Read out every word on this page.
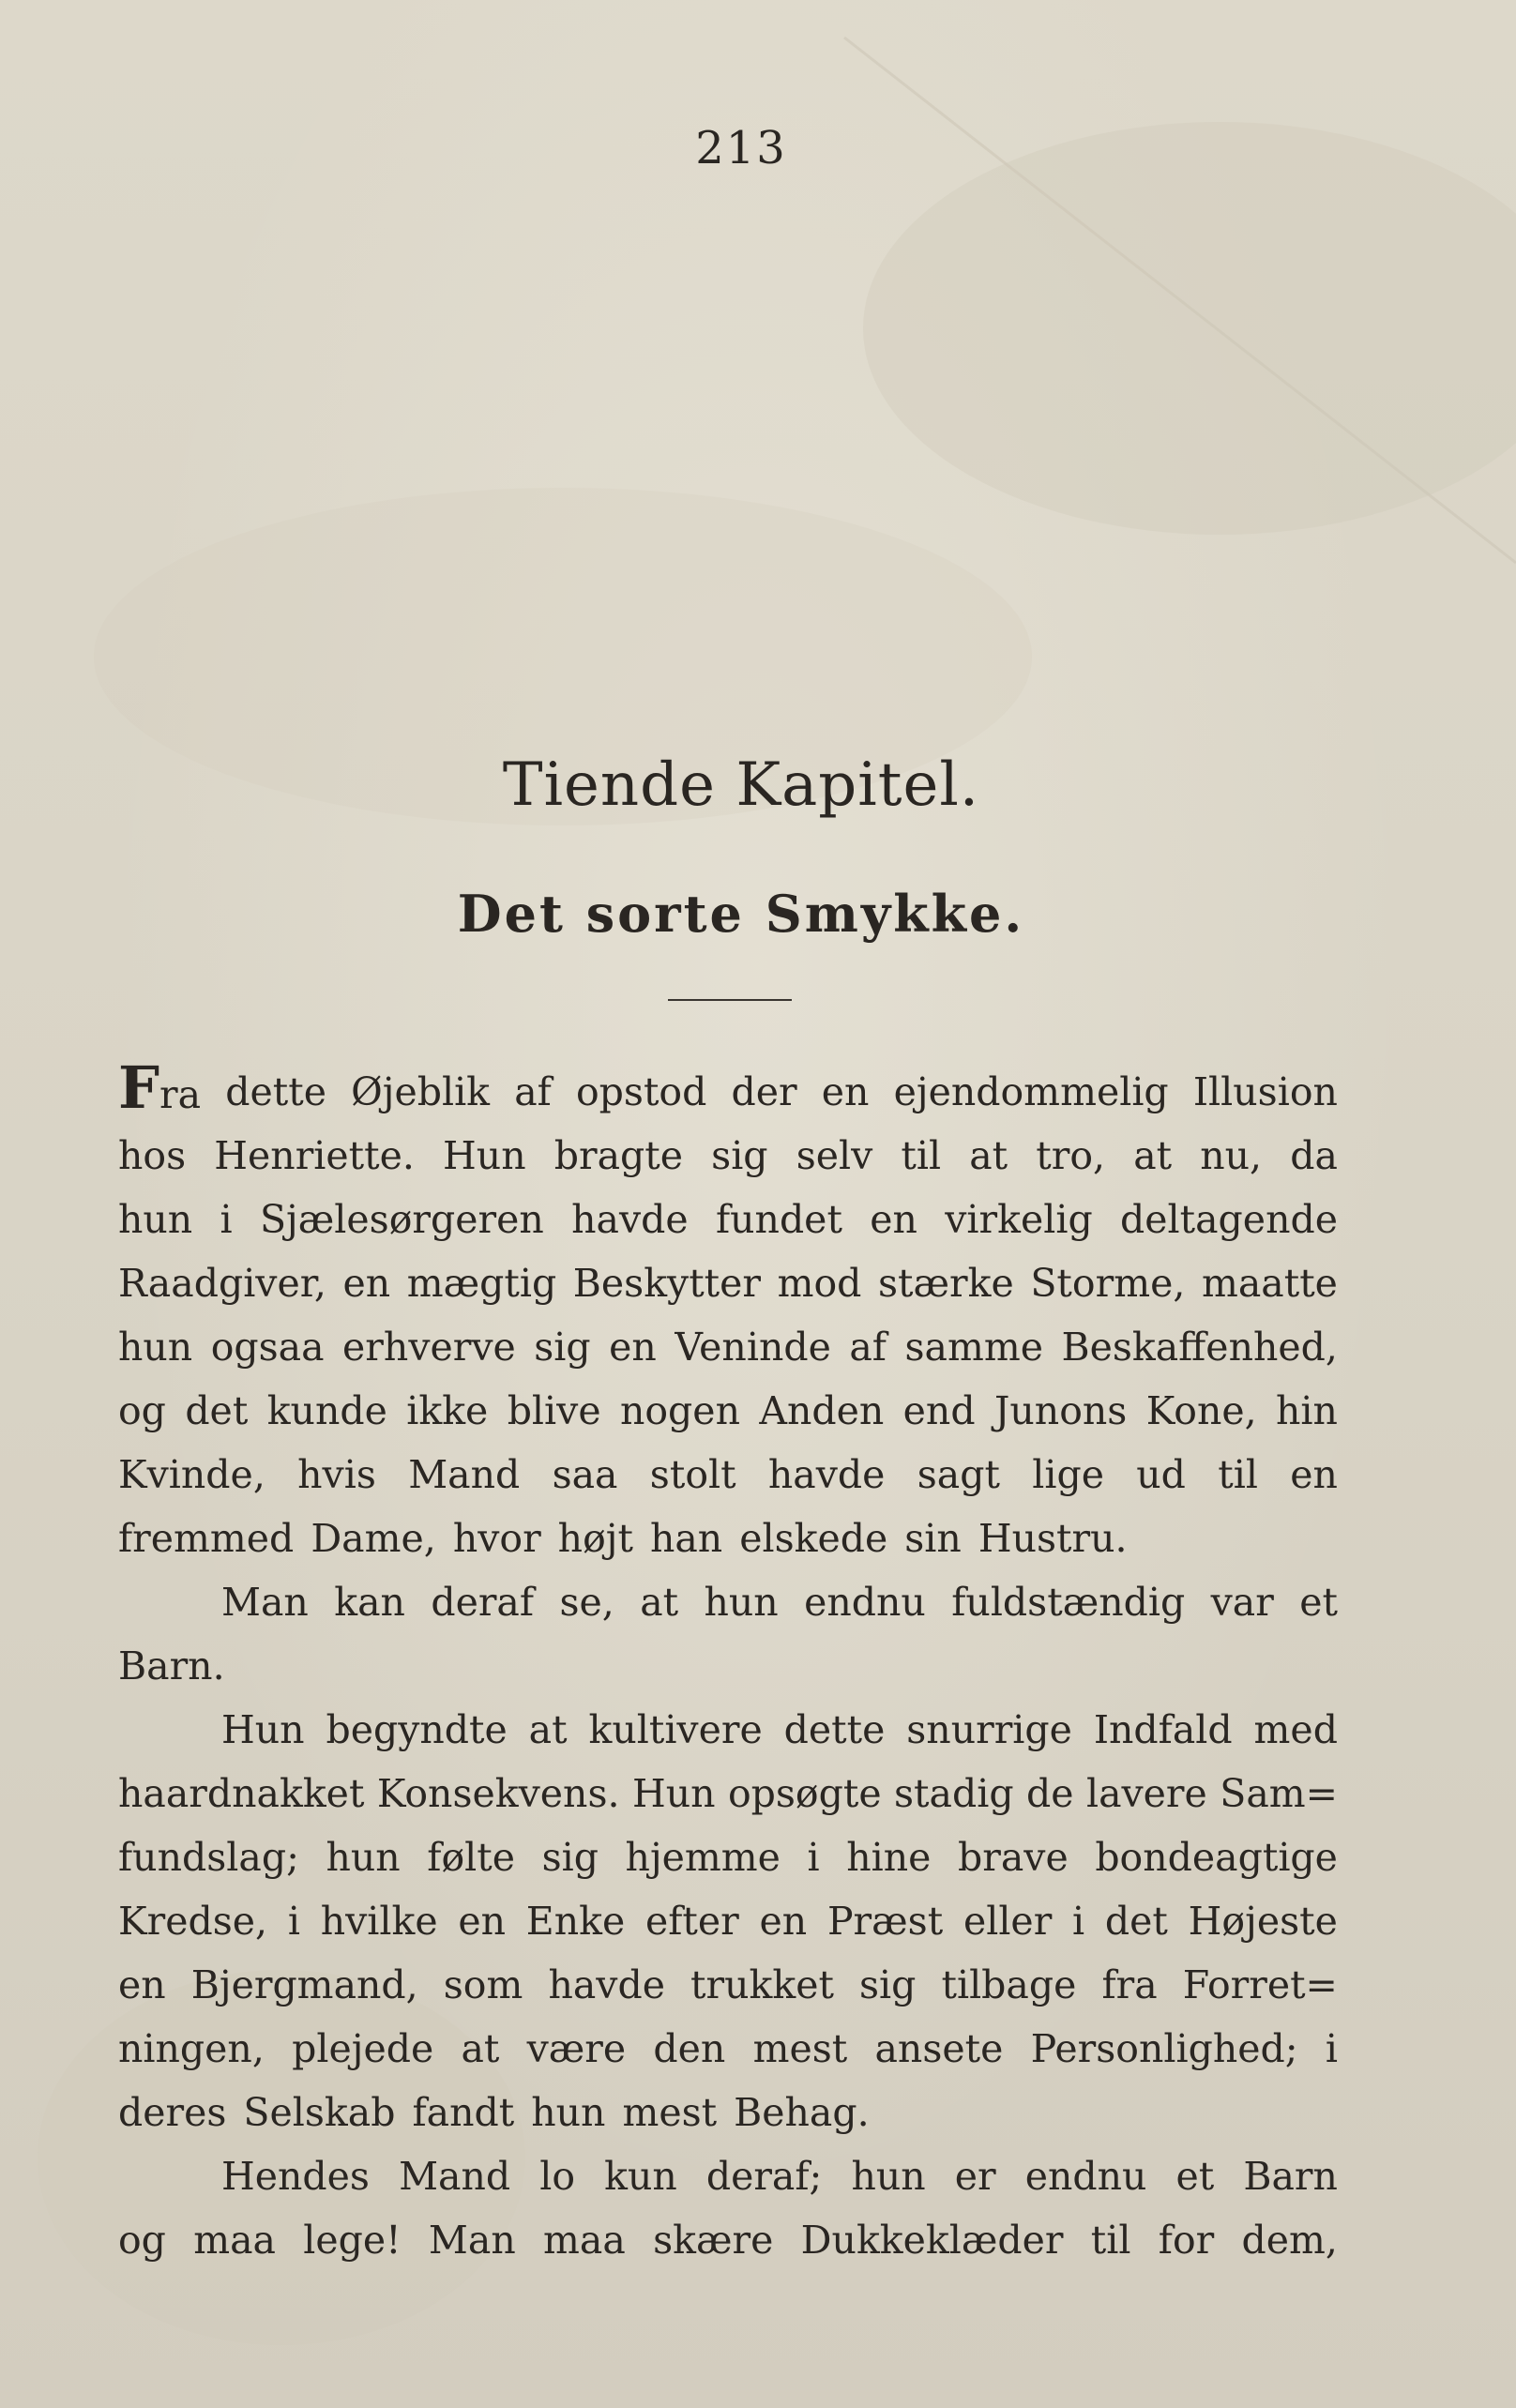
213
Tiende Kapitel.
Det sorte Smykke.
Fra dette Øjeblik af opstod der en ejendommelig Illusion
hos Henriette. Hun bragte sig selv til at tro, at nu, da
hun i Sjælesørgeren havde fundet en virkelig deltagende
Raadgiver, en mægtig Beskytter mod stærke Storme, maatte
hun ogsaa erhverve sig en Veninde af samme Beskaffenhed,
og det kunde ikke blive nogen Anden end Junons Kone, hin
Kvinde, hvis Mand saa stolt havde sagt lige ud til en
fremmed Dame, hvor højt han elskede sin Hustru.
Man kan deraf se, at hun endnu fuldstændig var et
Barn.
Hun begyndte at kultivere dette snurrige Indfald med
haardnakket Konsekvens. Hun opsøgte stadig de lavere Sam=
fundslag; hun følte sig hjemme i hine brave bondeagtige
Kredse, i hvilke en Enke efter en Præst eller i det Højeste
en Bjergmand, som havde trukket sig tilbage fra Forret=
ningen, plejede at være den mest ansete Personlighed; i
deres Selskab fandt hun mest Behag.
Hendes Mand lo kun deraf; hun er endnu et Barn
og maa lege! Man maa skære Dukkeklæder til for dem,
